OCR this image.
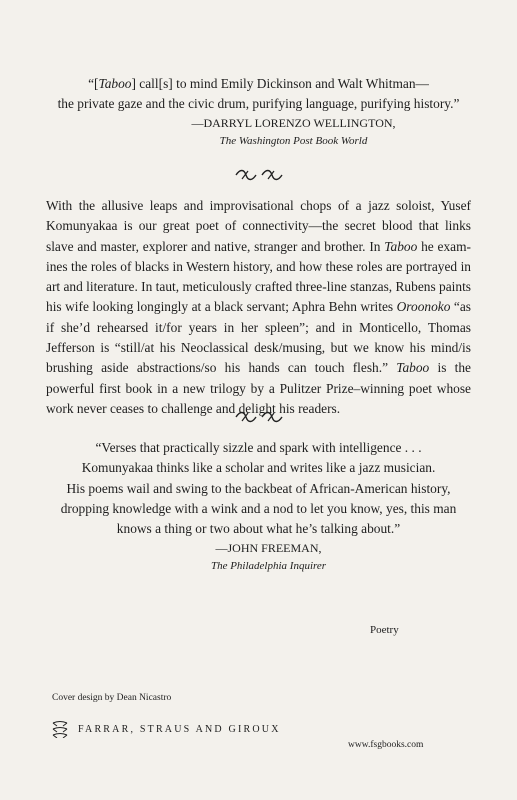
“[Taboo] call[s] to mind Emily Dickinson and Walt Whitman—
the private gaze and the civic drum, purifying language, purifying history.”
—DARRYL LORENZO WELLINGTON,
The Washington Post Book World
With the allusive leaps and improvisational chops of a jazz soloist, Yusef Komunyakaa is our great poet of connectivity—the secret blood that links slave and master, explorer and native, stranger and brother. In Taboo he examines the roles of blacks in Western history, and how these roles are portrayed in art and literature. In taut, meticulously crafted three-line stanzas, Rubens paints his wife looking longingly at a black servant; Aphra Behn writes Oroonoko “as if she’d rehearsed it/for years in her spleen”; and in Monticello, Thomas Jefferson is “still/at his Neoclassical desk/musing, but we know his mind/is brushing aside abstractions/so his hands can touch flesh.” Taboo is the powerful first book in a new trilogy by a Pulitzer Prize–winning poet whose work never ceases to challenge and delight his readers.
“Verses that practically sizzle and spark with intelligence . . .
Komunyakaa thinks like a scholar and writes like a jazz musician.
His poems wail and swing to the backbeat of African-American history,
dropping knowledge with a wink and a nod to let you know, yes, this man
knows a thing or two about what he’s talking about.”
—JOHN FREEMAN,
The Philadelphia Inquirer
Poetry
Cover design by Dean Nicastro
FARRAR, STRAUS AND GIROUX
www.fsgbooks.com
